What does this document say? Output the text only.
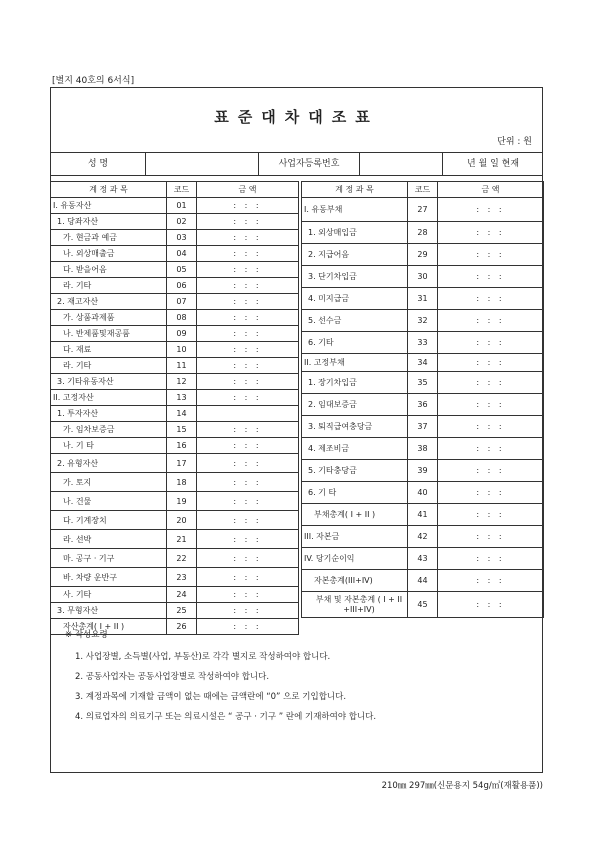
[별지 40호의 6서식]
표준대차대조표
단위 : 원
성 명	사업자등록번호	년 월 일 현재
계 정 과 목	코드	금 액
I. 유동자산	01	: : :
1. 당좌자산	02	: : :
가. 현금과 예금	03	: : :
나. 외상매출금	04	: : :
다. 받을어음	05	: : :
라. 기타	06	: : :
2. 재고자산	07	: : :
가. 상품과제품	08	: : :
나. 반제품및재공품	09	: : :
다. 재료	10	: : :
라. 기타	11	: : :
3. 기타유동자산	12	: : :
II. 고정자산	13	: : :
1. 투자자산	14	
가. 임차보증금	15	: : :
나. 기 타	16	: : :
2. 유형자산	17	: : :
가. 토지	18	: : :
나. 건물	19	: : :
다. 기계장치	20	: : :
라. 선박	21	: : :
마. 공구 · 기구	22	: : :
바. 차량 운반구	23	: : :
사. 기타	24	: : :
3. 무형자산	25	: : :
자산총계( I + II )	26	: : :
계 정 과 목	코드	금 액
I. 유동부채	27	: : :
1. 외상매입금	28	: : :
2. 지급어음	29	: : :
3. 단기차입금	30	: : :
4. 미지급금	31	: : :
5. 선수금	32	: : :
6. 기타	33	: : :
II. 고정부채	34	: : :
1. 장기차입금	35	: : :
2. 임대보증금	36	: : :
3. 퇴직급여충당금	37	: : :
4. 제조비금	38	: : :
5. 기타충당금	39	: : :
6. 기 타	40	: : :
부채총계( I + II )	41	: : :
III. 자본금	42	: : :
IV. 당기순이익	43	: : :
자본총계(III+IV)	44	: : :
부채 및 자본총계 ( I + II +III+IV)	45	: : :
※ 작성요령
1. 사업장별, 소득별(사업, 부동산)로 각각 별지로 작성하여야 합니다.
2. 공동사업자는 공동사업장별로 작성하여야 합니다.
3. 계정과목에 기재할 금액이 없는 때에는 금액란에 “0” 으로 기입합니다.
4. 의료업자의 의료기구 또는 의료시설은 “ 공구 · 기구 ” 란에 기재하여야 합니다.
210㎜ 297㎜(신문용지 54g/㎡(재활용품))
